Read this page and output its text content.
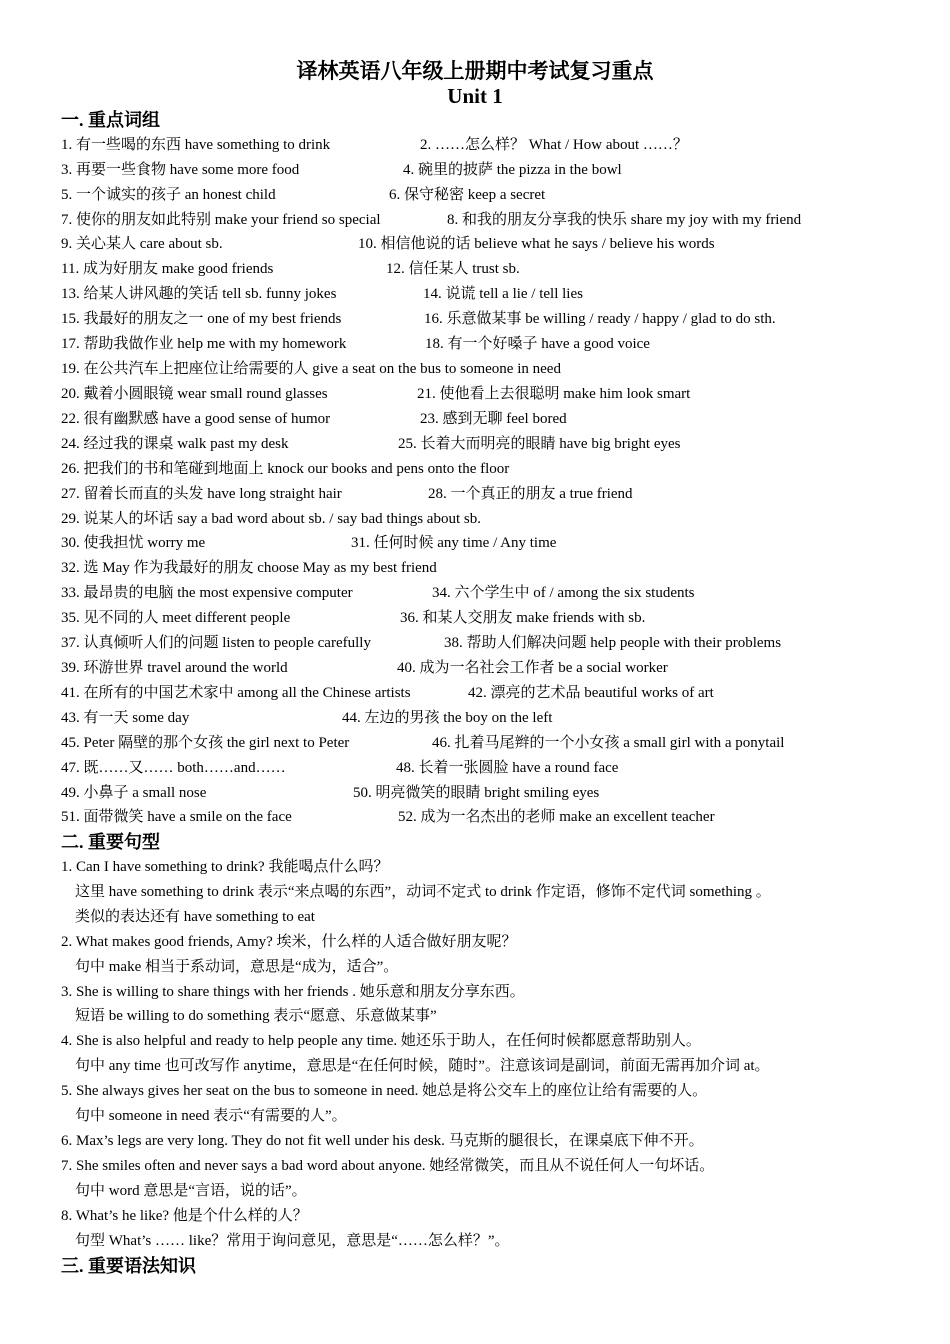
译林英语八年级上册期中考试复习重点
Unit 1
一. 重点词组
1. 有一些喝的东西 have something to drink	2. ……怎么样？ What / How about ……？
3. 再要一些食物 have some more food	4. 碗里的披萨 the pizza in the bowl
5. 一个诚实的孩子 an honest child	6. 保守秘密 keep a secret
7. 使你的朋友如此特别 make your friend so special	8. 和我的朋友分享我的快乐 share my joy with my friend
9. 关心某人 care about sb.	10. 相信他说的话 believe what he says / believe his words
11. 成为好朋友 make good friends	12. 信任某人 trust sb.
13. 给某人讲风趣的笑话 tell sb. funny jokes	14. 说谎 tell a lie / tell lies
15. 我最好的朋友之一 one of my best friends	16. 乐意做某事 be willing / ready / happy / glad to do sth.
17. 帮助我做作业 help me with my homework	18. 有一个好嗓子 have a good voice
19. 在公共汽车上把座位让给需要的人 give a seat on the bus to someone in need
20. 戴着小圆眼镜 wear small round glasses	21. 使他看上去很聪明 make him look smart
22. 很有幽默感 have a good sense of humor	23. 感到无聊 feel bored
24. 经过我的课桌 walk past my desk	25. 长着大而明亮的眼睛 have big bright eyes
26. 把我们的书和笔碰到地面上 knock our books and pens onto the floor
27. 留着长而直的头发 have long straight hair	28. 一个真正的朋友 a true friend
29. 说某人的坏话 say a bad word about sb. / say bad things about sb.
30. 使我担忧 worry me	31. 任何时候 any time / Any time
32. 选 May 作为我最好的朋友 choose May as my best friend
33. 最昂贵的电脑 the most expensive computer	34. 六个学生中 of / among the six students
35. 见不同的人 meet different people	36. 和某人交朋友 make friends with sb.
37. 认真倾听人们的问题 listen to people carefully	38. 帮助人们解决问题 help people with their problems
39. 环游世界 travel around the world	40. 成为一名社会工作者 be a social worker
41. 在所有的中国艺术家中 among all the Chinese artists	42. 漂亮的艺术品 beautiful works of art
43. 有一天 some day	44. 左边的男孩 the boy on the left
45. Peter 隔壁的那个女孩 the girl next to Peter	46. 扎着马尾辫的一个小女孩 a small girl with a ponytail
47. 既……又…… both……and……	48. 长着一张圆脸 have a round face
49. 小鼻子 a small nose	50. 明亮微笑的眼睛 bright smiling eyes
51. 面带微笑 have a smile on the face	52. 成为一名杰出的老师 make an excellent teacher
二. 重要句型
1. Can I have something to drink? 我能喝点什么吗？
这里 have something to drink 表示“来点喝的东西”，动词不定式 to drink 作定语，修饰不定代词 something 。
类似的表达还有 have something to eat
2. What makes good friends, Amy? 埃米，什么样的人适合做好朋友呢？
句中 make 相当于系动词，意思是“成为，适合”。
3. She is willing to share things with her friends . 她乐意和朋友分享东西。
短语 be willing to do something 表示“愿意、乐意做某事”
4. She is also helpful and ready to help people any time. 她还乐于助人，在任何时候都愿意帮助别人。
句中 any time 也可改写作 anytime，意思是“在任何时候，随时”。注意该词是副词，前面无需再加介词 at。
5. She always gives her seat on the bus to someone in need. 她总是将公交车上的座位让给有需要的人。
句中 someone in need 表示“有需要的人”。
6. Max’s legs are very long. They do not fit well under his desk. 马克斯的腿很长，在课桌底下伸不开。
7. She smiles often and never says a bad word about anyone. 她经常微笑，而且从不说任何人一句坏话。
句中 word 意思是“言语，说的话”。
8. What’s he like? 他是个什么样的人？
句型 What’s …… like？常用于询问意见，意思是“……怎么样？”。
三. 重要语法知识
